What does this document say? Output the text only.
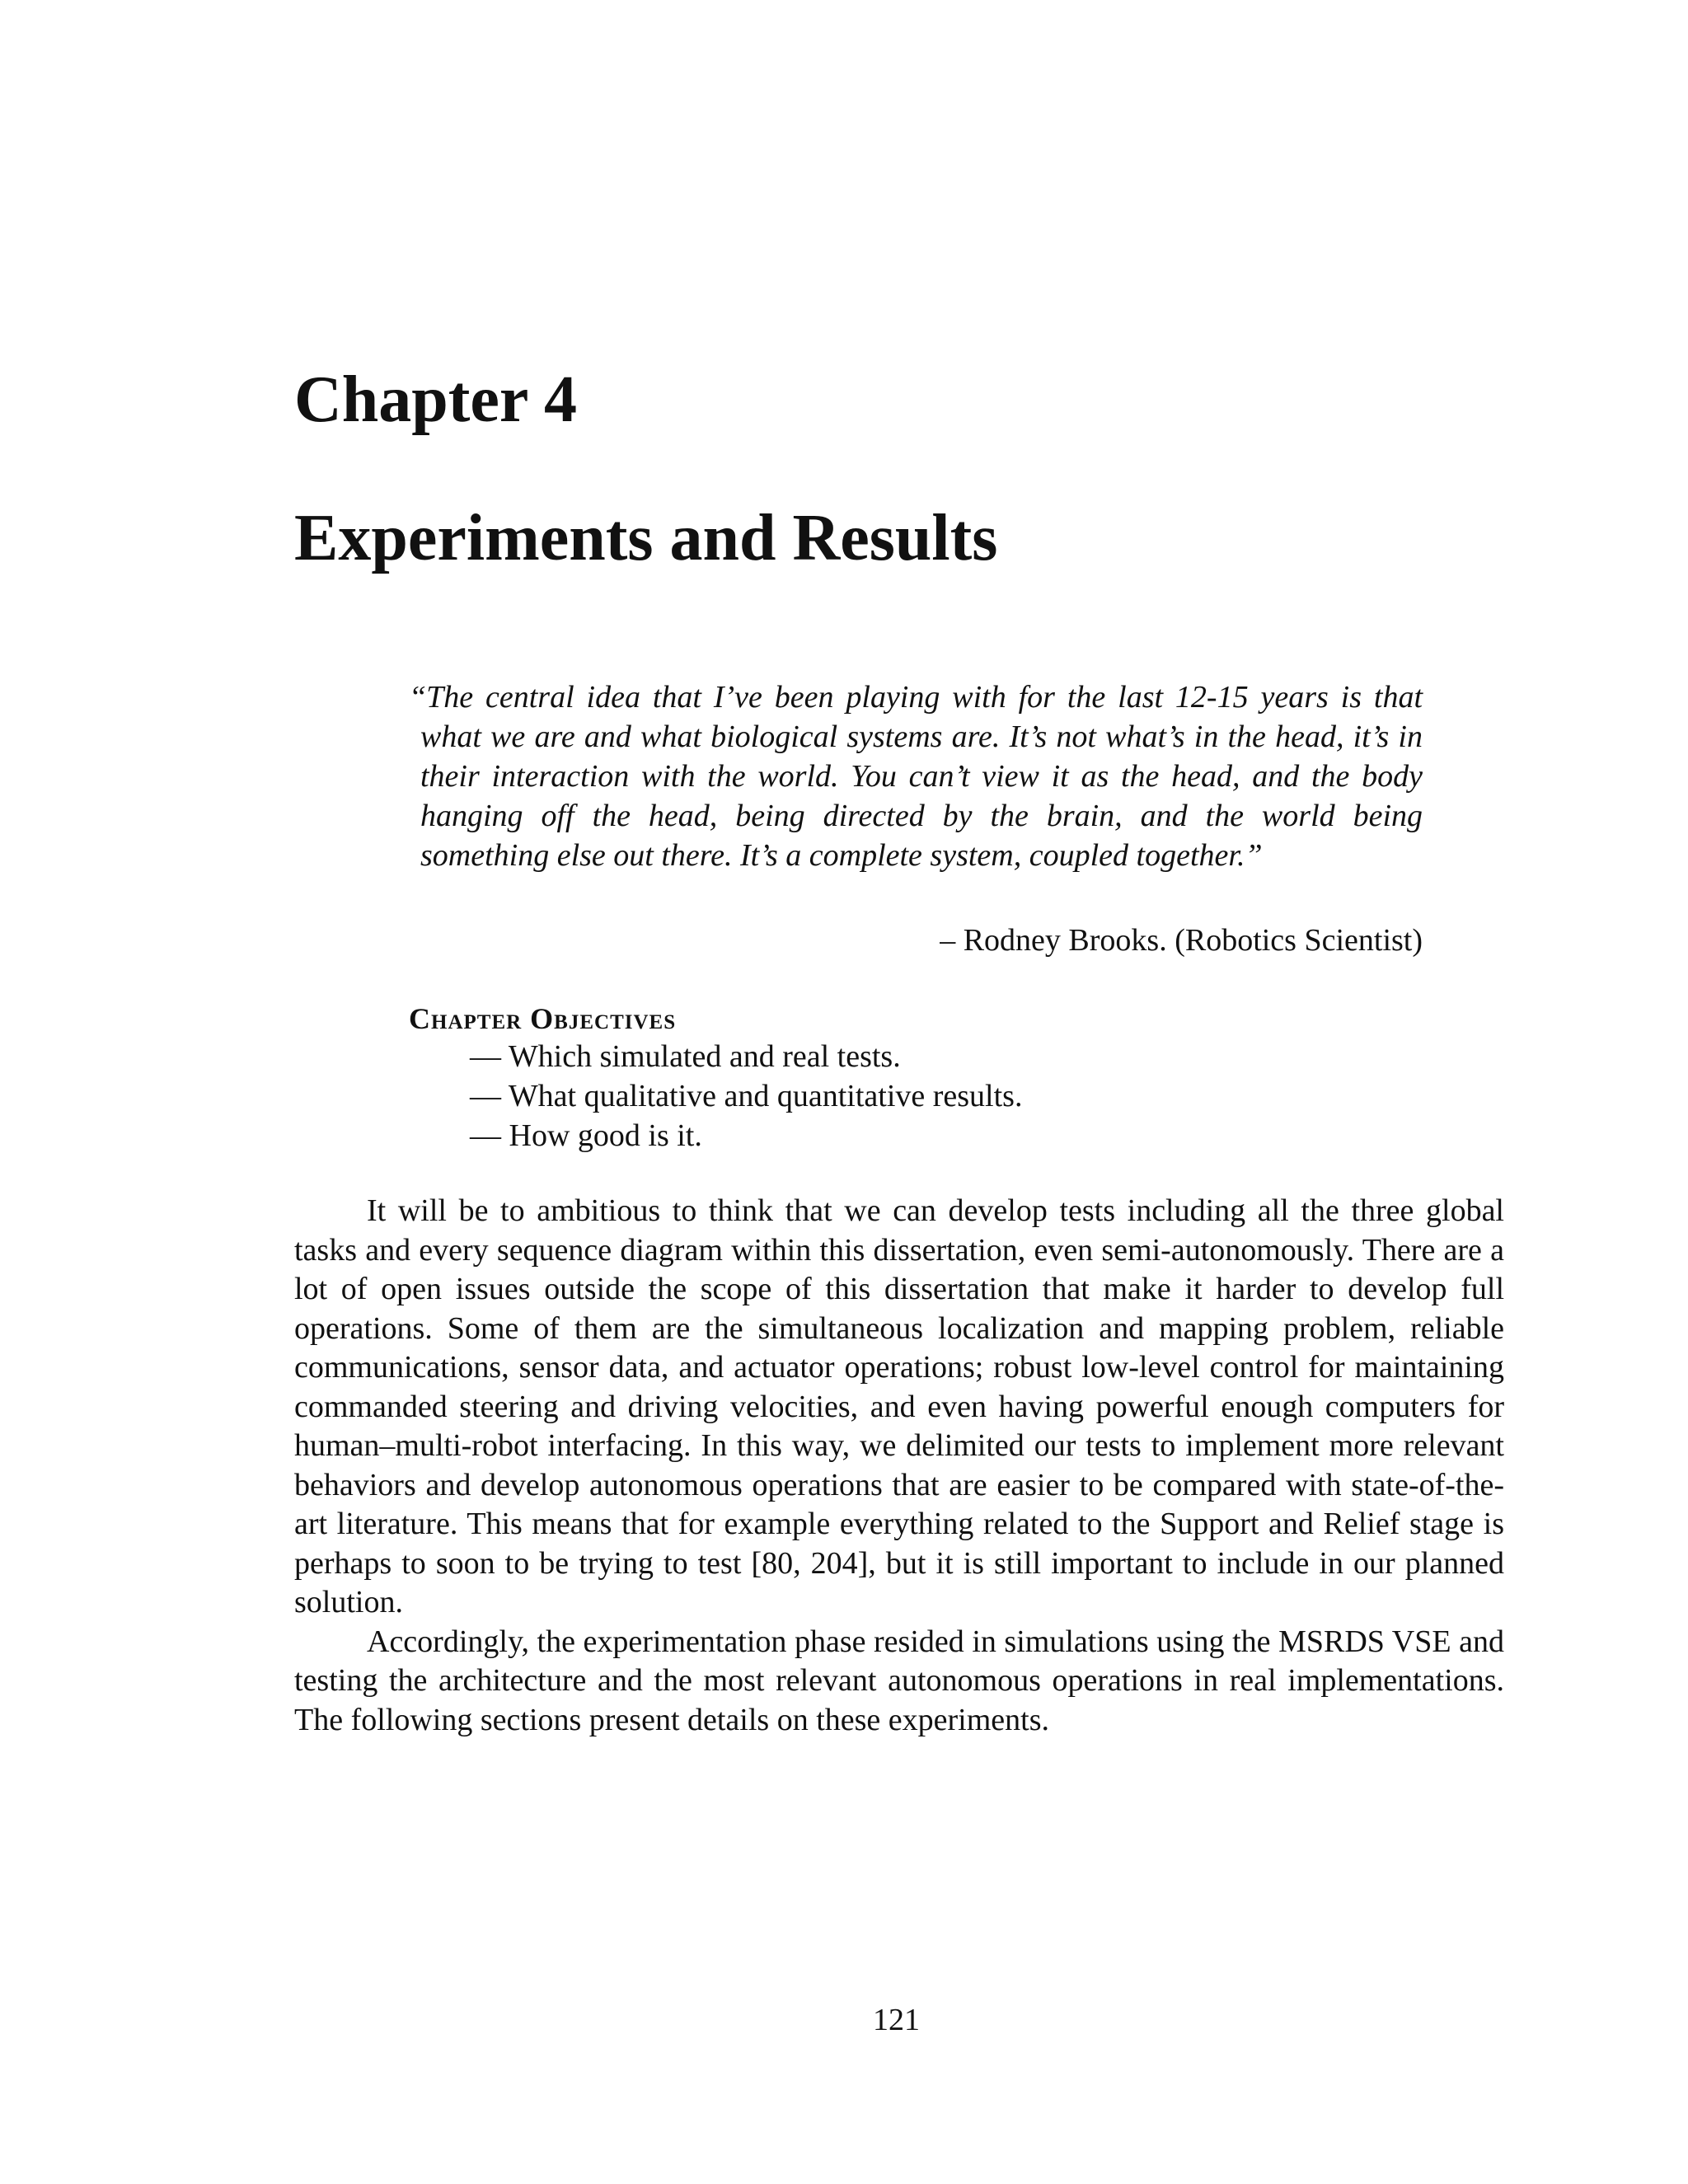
Chapter 4
Experiments and Results

“The central idea that I’ve been playing with for the last 12-15 years is that what we are and what biological systems are. It’s not what’s in the head, it’s in their interaction with the world. You can’t view it as the head, and the body hanging off the head, being directed by the brain, and the world being something else out there. It’s a complete system, coupled together.”

– Rodney Brooks. (Robotics Scientist)

Chapter Objectives
— Which simulated and real tests.
— What qualitative and quantitative results.
— How good is it.

It will be to ambitious to think that we can develop tests including all the three global tasks and every sequence diagram within this dissertation, even semi-autonomously. There are a lot of open issues outside the scope of this dissertation that make it harder to develop full operations. Some of them are the simultaneous localization and mapping problem, reliable communications, sensor data, and actuator operations; robust low-level control for maintaining commanded steering and driving velocities, and even having powerful enough computers for human–multi-robot interfacing. In this way, we delimited our tests to implement more relevant behaviors and develop autonomous operations that are easier to be compared with state-of-the-art literature. This means that for example everything related to the Support and Relief stage is perhaps to soon to be trying to test [80, 204], but it is still important to include in our planned solution.

Accordingly, the experimentation phase resided in simulations using the MSRDS VSE and testing the architecture and the most relevant autonomous operations in real implementations. The following sections present details on these experiments.

121
